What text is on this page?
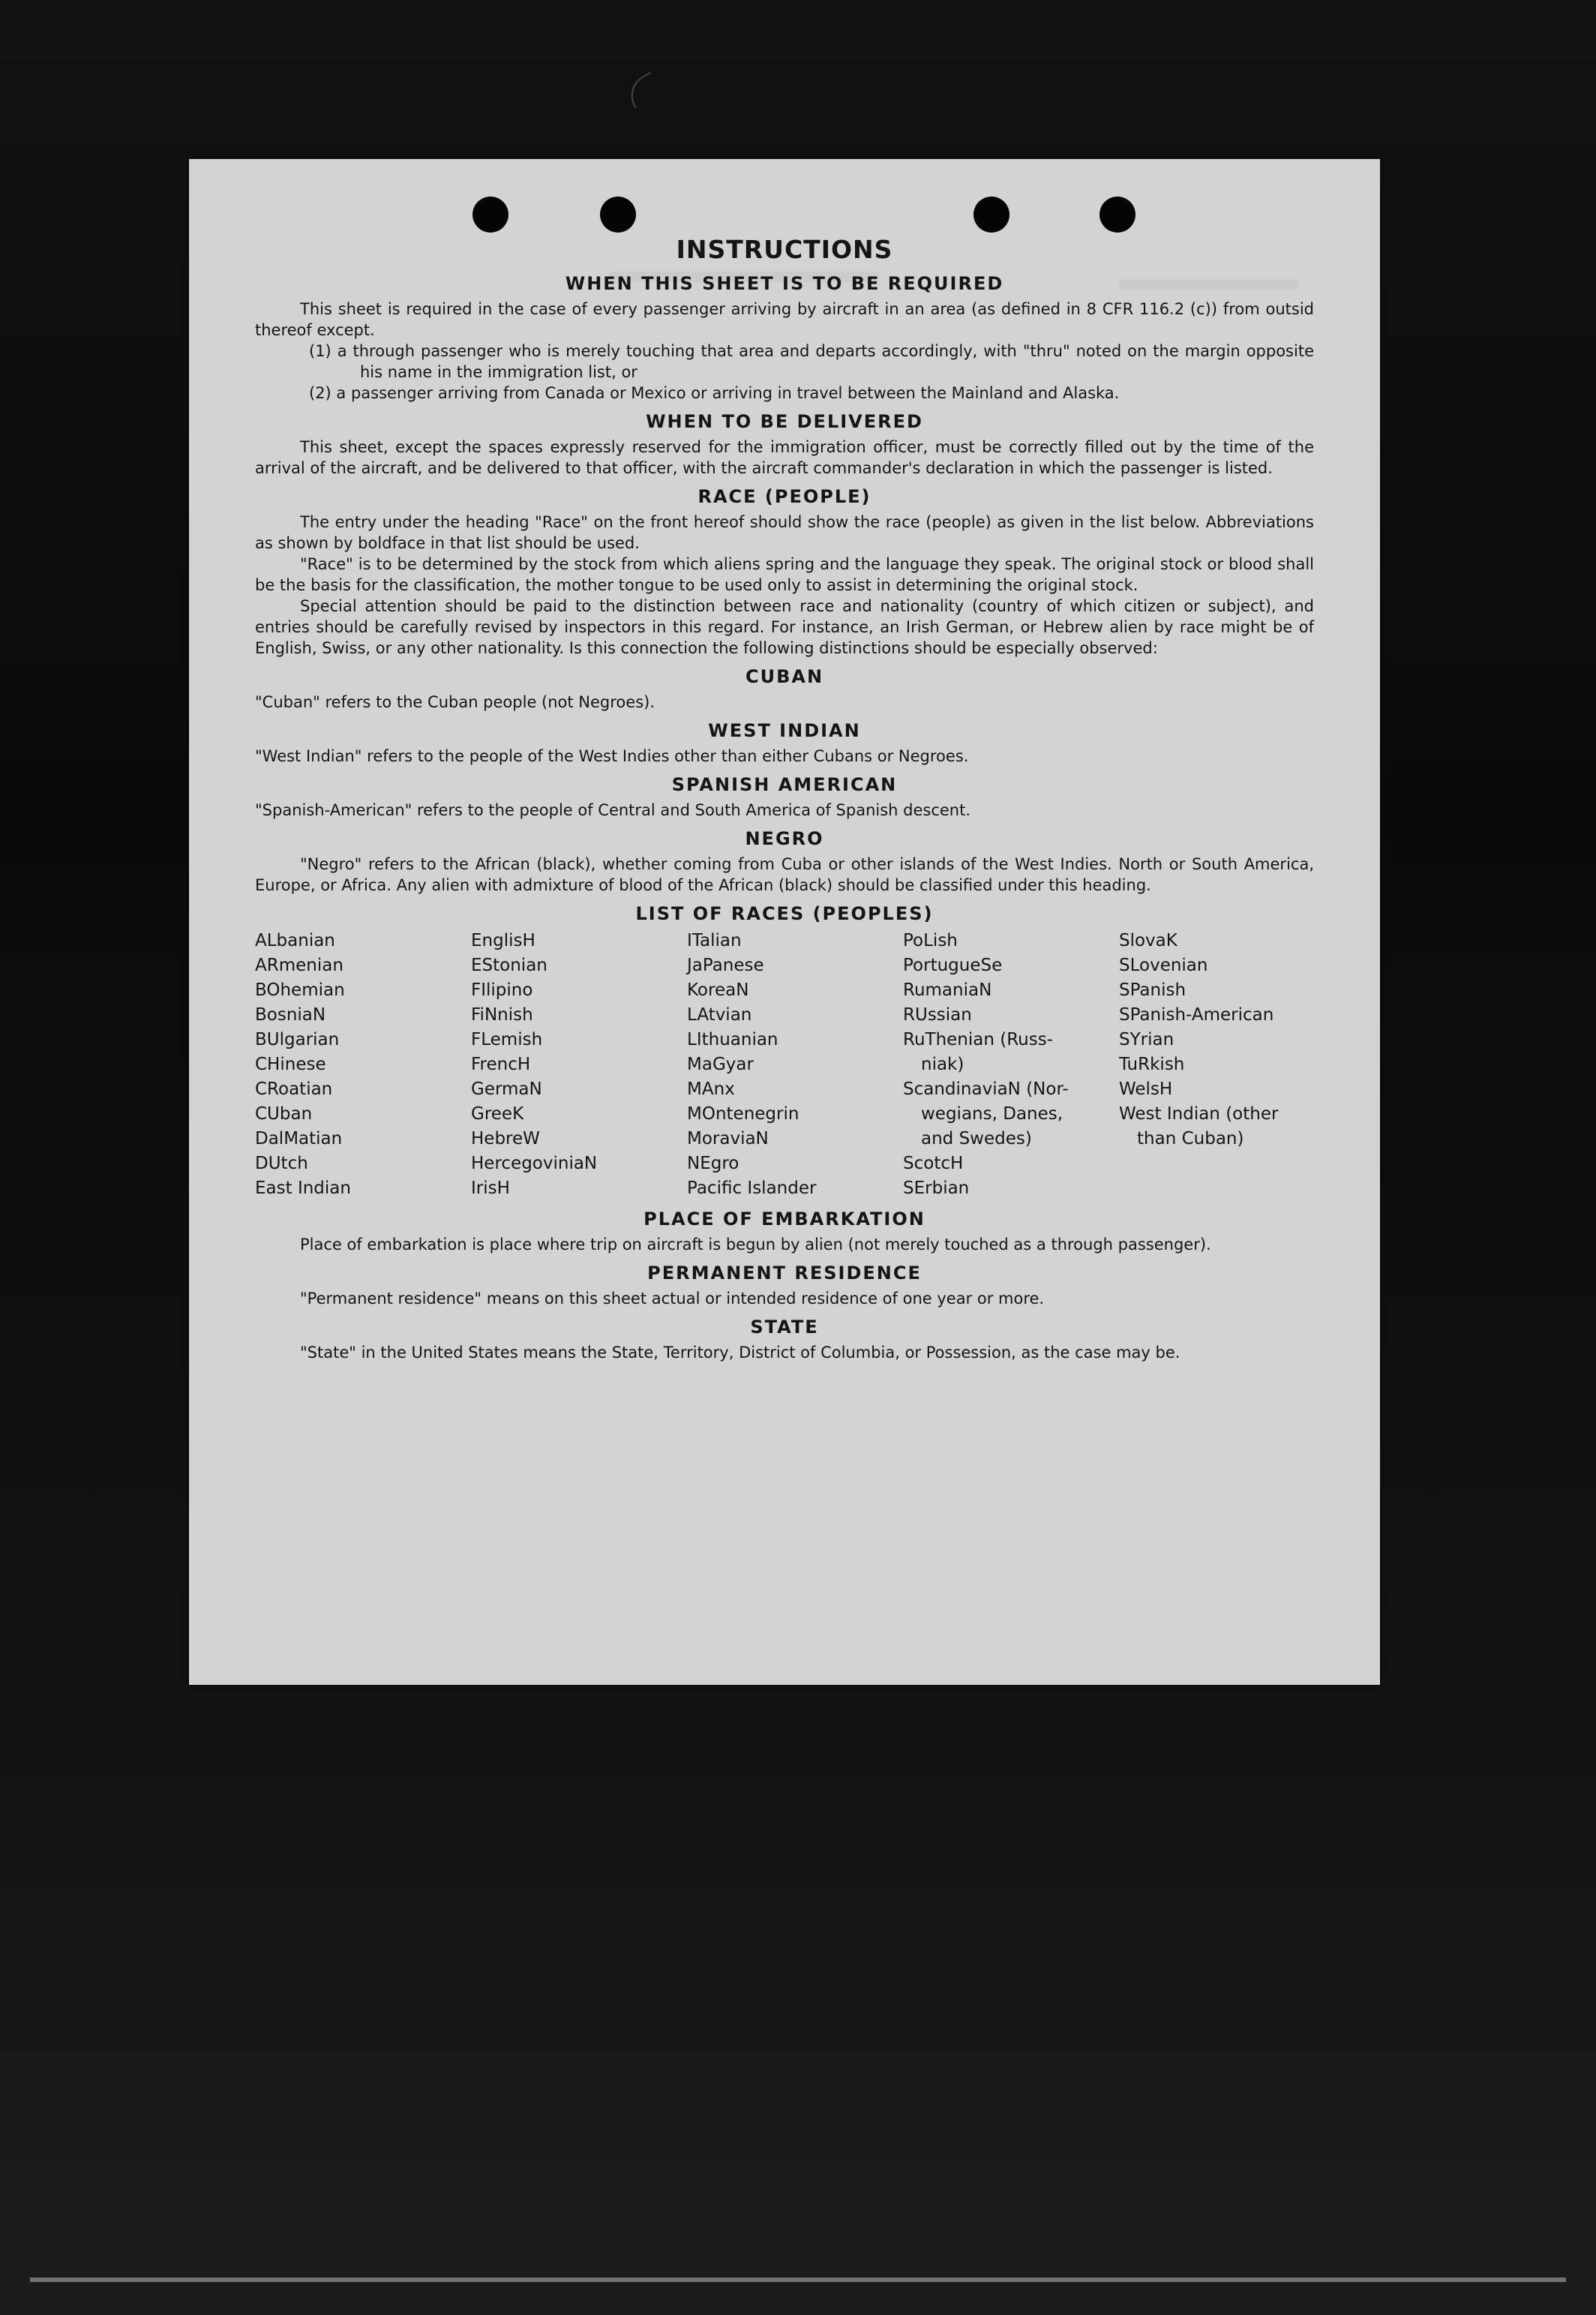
INSTRUCTIONS
WHEN THIS SHEET IS TO BE REQUIRED

This sheet is required in the case of every passenger arriving by aircraft in an area (as defined in 8 CFR 116.2 (c)) from outsid thereof except.

(1) a through passenger who is merely touching that area and departs accordingly, with "thru" noted on the margin opposite his name in the immigration list, or

(2) a passenger arriving from Canada or Mexico or arriving in travel between the Mainland and Alaska.

WHEN TO BE DELIVERED

This sheet, except the spaces expressly reserved for the immigration officer, must be correctly filled out by the time of the arrival of the aircraft, and be delivered to that officer, with the aircraft commander's declaration in which the passenger is listed.

RACE (PEOPLE)

The entry under the heading "Race" on the front hereof should show the race (people) as given in the list below. Abbreviations as shown by boldface in that list should be used.

"Race" is to be determined by the stock from which aliens spring and the language they speak. The original stock or blood shall be the basis for the classification, the mother tongue to be used only to assist in determining the original stock.

Special attention should be paid to the distinction between race and nationality (country of which citizen or subject), and entries should be carefully revised by inspectors in this regard. For instance, an Irish German, or Hebrew alien by race might be of English, Swiss, or any other nationality. Is this connection the following distinctions should be especially observed:

CUBAN

"Cuban" refers to the Cuban people (not Negroes).

WEST INDIAN

"West Indian" refers to the people of the West Indies other than either Cubans or Negroes.

SPANISH AMERICAN

"Spanish-American" refers to the people of Central and South America of Spanish descent.

NEGRO

"Negro" refers to the African (black), whether coming from Cuba or other islands of the West Indies. North or South America, Europe, or Africa. Any alien with admixture of blood of the African (black) should be classified under this heading.

LIST OF RACES (PEOPLES)
ALbanian
ARmenian
BOhemian
BosniaN
BUlgarian
CHinese
CRoatian
CUban
DalMatian
DUtch
East Indian
EnglisH
EStonian
FIlipino
FiNnish
FLemish
FrencH
GermaN
GreeK
HebreW
HercegoviniaN
IrisH
ITalian
JaPanese
KoreaN
LAtvian
LIthuanian
MaGyar
MAnx
MOntenegrin
MoraviaN
NEgro
Pacific Islander
PoLish
PortugueSe
RumaniaN
RUssian
RuThenian (Russ-
niak)
ScandinaviaN (Nor-
wegians, Danes,
and Swedes)
ScotcH
SErbian
SlovaK
SLovenian
SPanish
SPanish-American
SYrian
TuRkish
WelsH
West Indian (other
than Cuban)
PLACE OF EMBARKATION

Place of embarkation is place where trip on aircraft is begun by alien (not merely touched as a through passenger).

PERMANENT RESIDENCE

"Permanent residence" means on this sheet actual or intended residence of one year or more.

STATE

"State" in the United States means the State, Territory, District of Columbia, or Possession, as the case may be.
